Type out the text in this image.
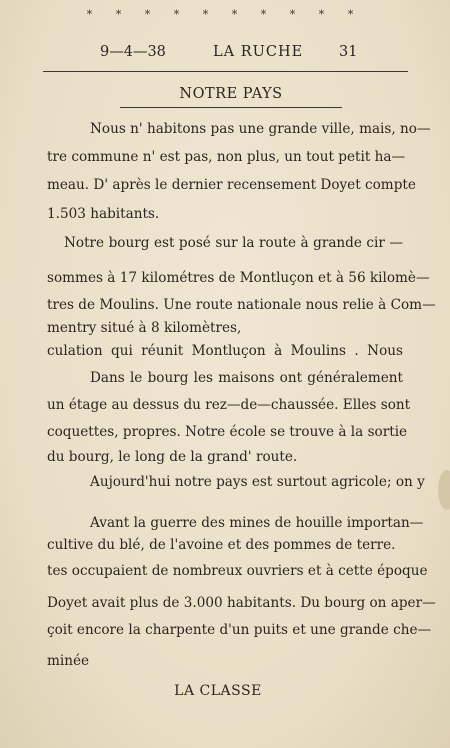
* * * * * * * * * *
9—4—38	LA RUCHE 31
NOTRE PAYS
Nous n' habitons pas une grande ville, mais, no—
tre commune n' est pas, non plus, un tout petit ha—
meau. D' après le dernier recensement Doyet compte
1.503 habitants.
Notre bourg est posé sur la route à grande cir —
sommes à 17 kilométres de Montluçon et à 56 kilomè—
tres de Moulins. Une route nationale nous relie à Com—
mentry situé à 8 kilomètres,
culation qui réunit Montluçon à Moulins . Nous
Dans le bourg les maisons ont généralement
un étage au dessus du rez—de—chaussée. Elles sont
coquettes, propres. Notre école se trouve à la sortie
du bourg, le long de la grand' route.
Aujourd'hui notre pays est surtout agricole; on y
Avant la guerre des mines de houille importan—
cultive du blé, de l'avoine et des pommes de terre.
tes occupaient de nombreux ouvriers et à cette époque
Doyet avait plus de 3.000 habitants. Du bourg on aper—
çoit encore la charpente d'un puits et une grande che—
minée
LA CLASSE
